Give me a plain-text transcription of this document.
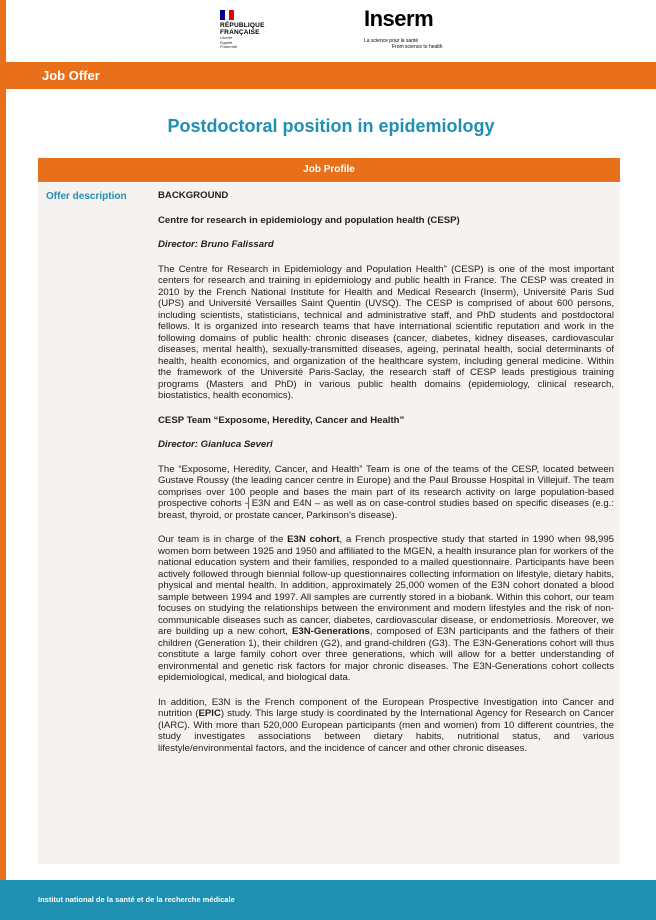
RÉPUBLIQUE
FRANÇAISE
Liberté
Égalité
Fraternité
Inserm
La science pour la santé
From science to health
Job Offer
Postdoctoral position in epidemiology
Job Profile
Offer description	BACKGROUND

Centre for research in epidemiology and population health (CESP)

Director: Bruno Falissard

The Centre for Research in Epidemiology and Population Health" (CESP) is one of the most important centers for research and training in epidemiology and public health in France. The CESP was created in 2010 by the French National Institute for Health and Medical Research (Inserm), Université Paris Sud (UPS) and Université Versailles Saint Quentin (UVSQ). The CESP is comprised of about 600 persons, including scientists, statisticians, technical and administrative staff, and PhD students and postdoctoral fellows. It is organized into research teams that have international scientific reputation and work in the following domains of public health: chronic diseases (cancer, diabetes, kidney diseases, cardiovascular diseases, mental health), sexually-transmitted diseases, ageing, perinatal health, social determinants of health, health economics, and organization of the healthcare system, including general medicine. Within the framework of the Université Paris-Saclay, the research staff of CESP leads prestigious training programs (Masters and PhD) in various public health domains (epidemiology, clinical research, biostatistics, health economics).

CESP Team “Exposome, Heredity, Cancer and Health”

Director: Gianluca Severi

The “Exposome, Heredity, Cancer, and Health” Team is one of the teams of the CESP, located between Gustave Roussy (the leading cancer centre in Europe) and the Paul Brousse Hospital in Villejuif. The team comprises over 100 people and bases the main part of its research activity on large population-based prospective cohorts ┤E3N and E4N – as well as on case-control studies based on specific diseases (e.g.: breast, thyroid, or prostate cancer, Parkinson’s disease).

Our team is in charge of the E3N cohort, a French prospective study that started in 1990 when 98,995 women born between 1925 and 1950 and affiliated to the MGEN, a health insurance plan for workers of the national education system and their families, responded to a mailed questionnaire. Participants have been actively followed through biennial follow-up questionnaires collecting information on lifestyle, dietary habits, physical and mental health. In addition, approximately 25,000 women of the E3N cohort donated a blood sample between 1994 and 1997. All samples are currently stored in a biobank. Within this cohort, our team focuses on studying the relationships between the environment and modern lifestyles and the risk of non-communicable diseases such as cancer, diabetes, cardiovascular disease, or endometriosis. Moreover, we are building up a new cohort, E3N-Generations, composed of E3N participants and the fathers of their children (Generation 1), their children (G2), and grand-children (G3). The E3N-Generations cohort will thus constitute a large family cohort over three generations, which will allow for a better understanding of environmental and genetic risk factors for major chronic diseases. The E3N-Generations cohort collects epidemiological, medical, and biological data.

In addition, E3N is the French component of the European Prospective Investigation into Cancer and nutrition (EPIC) study. This large study is coordinated by the International Agency for Research on Cancer (IARC). With more than 520,000 European participants (men and women) from 10 different countries, the study investigates associations between dietary habits, nutritional status, and various lifestyle/environmental factors, and the incidence of cancer and other chronic diseases.

Institut national de la santé et de la recherche médicale
